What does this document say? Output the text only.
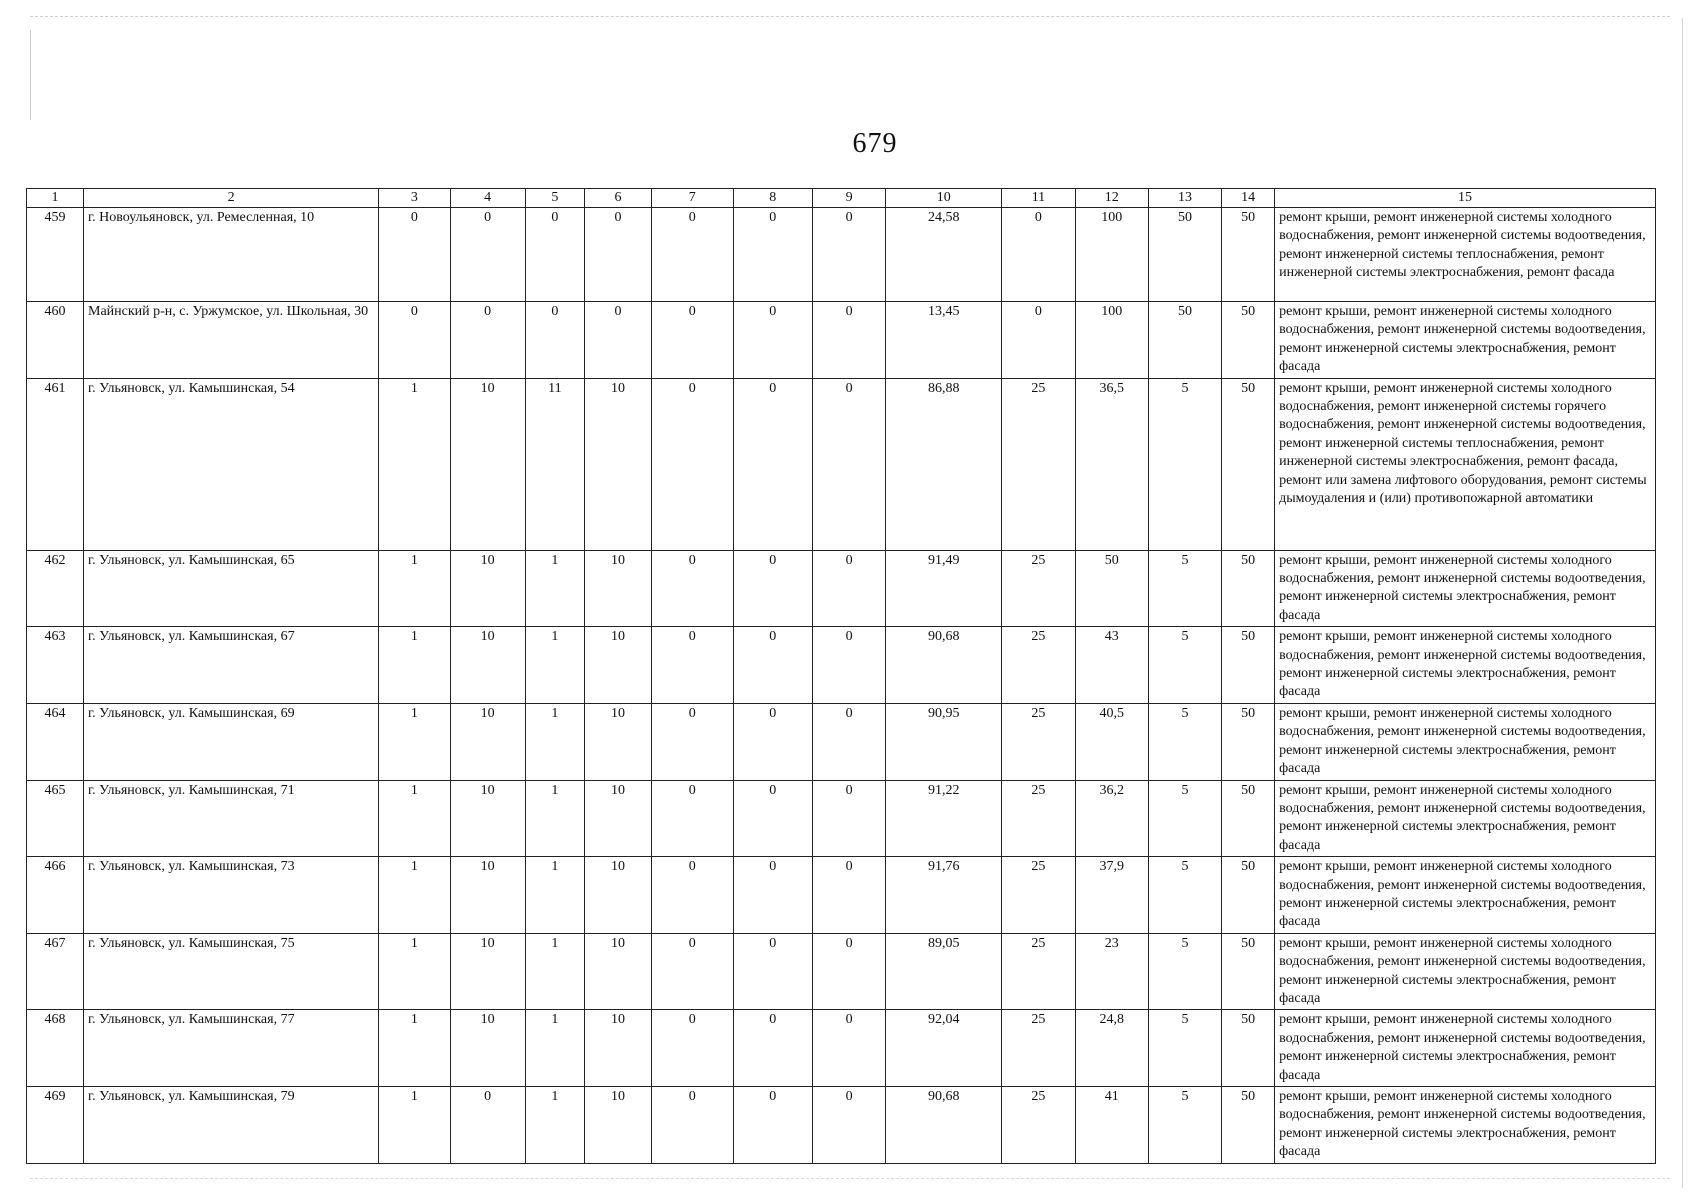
679
1	2	3	4	5	6	7	8	9	10	11	12	13	14	15
459	г. Новоульяновск, ул. Ремесленная, 10	0	0	0	0	0	0	0	24,58	0	100	50	50	ремонт крыши, ремонт инженерной системы холодного водоснабжения, ремонт инженерной системы водоотведения, ремонт инженерной системы теплоснабжения, ремонт инженерной системы электроснабжения, ремонт фасада
460	Майнский р-н, с. Уржумское, ул. Школьная, 30	0	0	0	0	0	0	0	13,45	0	100	50	50	ремонт крыши, ремонт инженерной системы холодного водоснабжения, ремонт инженерной системы водоотведения, ремонт инженерной системы электроснабжения, ремонт фасада
461	г. Ульяновск, ул. Камышинская, 54	1	10	11	10	0	0	0	86,88	25	36,5	5	50	ремонт крыши, ремонт инженерной системы холодного водоснабжения, ремонт инженерной системы горячего водоснабжения, ремонт инженерной системы водоотведения, ремонт инженерной системы теплоснабжения, ремонт инженерной системы электроснабжения, ремонт фасада, ремонт или замена лифтового оборудования, ремонт системы дымоудаления и (или) противопожарной автоматики
462	г. Ульяновск, ул. Камышинская, 65	1	10	1	10	0	0	0	91,49	25	50	5	50	ремонт крыши, ремонт инженерной системы холодного водоснабжения, ремонт инженерной системы водоотведения, ремонт инженерной системы электроснабжения, ремонт фасада
463	г. Ульяновск, ул. Камышинская, 67	1	10	1	10	0	0	0	90,68	25	43	5	50	ремонт крыши, ремонт инженерной системы холодного водоснабжения, ремонт инженерной системы водоотведения, ремонт инженерной системы электроснабжения, ремонт фасада
464	г. Ульяновск, ул. Камышинская, 69	1	10	1	10	0	0	0	90,95	25	40,5	5	50	ремонт крыши, ремонт инженерной системы холодного водоснабжения, ремонт инженерной системы водоотведения, ремонт инженерной системы электроснабжения, ремонт фасада
465	г. Ульяновск, ул. Камышинская, 71	1	10	1	10	0	0	0	91,22	25	36,2	5	50	ремонт крыши, ремонт инженерной системы холодного водоснабжения, ремонт инженерной системы водоотведения, ремонт инженерной системы электроснабжения, ремонт фасада
466	г. Ульяновск, ул. Камышинская, 73	1	10	1	10	0	0	0	91,76	25	37,9	5	50	ремонт крыши, ремонт инженерной системы холодного водоснабжения, ремонт инженерной системы водоотведения, ремонт инженерной системы электроснабжения, ремонт фасада
467	г. Ульяновск, ул. Камышинская, 75	1	10	1	10	0	0	0	89,05	25	23	5	50	ремонт крыши, ремонт инженерной системы холодного водоснабжения, ремонт инженерной системы водоотведения, ремонт инженерной системы электроснабжения, ремонт фасада
468	г. Ульяновск, ул. Камышинская, 77	1	10	1	10	0	0	0	92,04	25	24,8	5	50	ремонт крыши, ремонт инженерной системы холодного водоснабжения, ремонт инженерной системы водоотведения, ремонт инженерной системы электроснабжения, ремонт фасада
469	г. Ульяновск, ул. Камышинская, 79	1	0	1	10	0	0	0	90,68	25	41	5	50	ремонт крыши, ремонт инженерной системы холодного водоснабжения, ремонт инженерной системы водоотведения, ремонт инженерной системы электроснабжения, ремонт фасада
